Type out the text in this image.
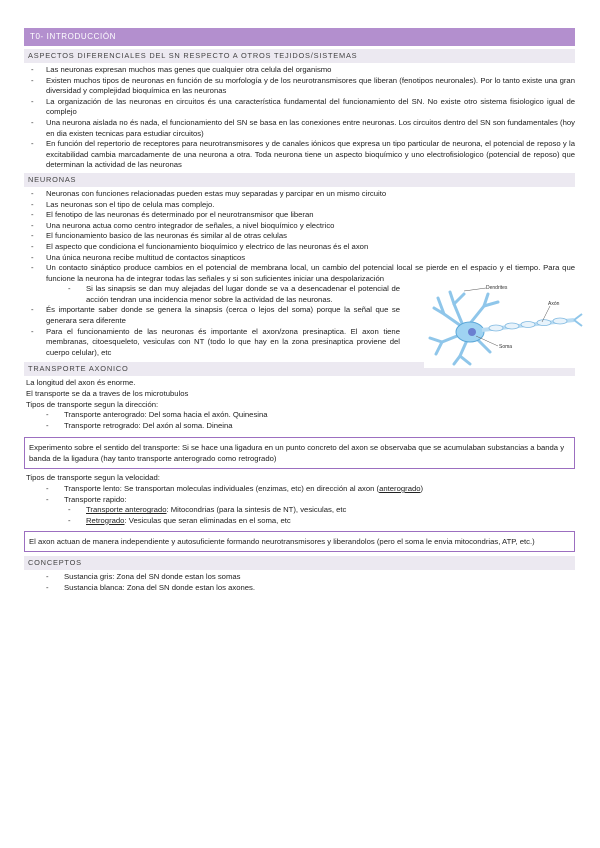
T0- INTRODUCCIÓN
ASPECTOS DIFERENCIALES DEL SN RESPECTO A OTROS TEJIDOS/SISTEMAS
- Las neuronas expresan muchos mas genes que cualquier otra celula del organismo
- Existen muchos tipos de neuronas en función de su morfología y de los neurotransmisores que liberan (fenotipos neuronales). Por lo tanto existe una gran diversidad y complejidad bioquímica en las neuronas
- La organización de las neuronas en circuitos és una característica fundamental del funcionamiento del SN. No existe otro sistema fisiologico igual de complejo
- Una neurona aislada no és nada, el funcionamiento del SN se basa en las conexiones entre neuronas. Los circuitos dentro del SN son fundamentales (hoy en dia existen tecnicas para estudiar circuitos)
- En función del repertorio de receptores para neurotransmisores y de canales iónicos que expresa un tipo particular de neurona, el potencial de reposo y la excitabilidad cambia marcadamente de una neurona a otra. Toda neurona tiene un aspecto bioquímico y uno electrofisiologico (potencial de reposo) que determinan la actividad de las neuronas
NEURONAS
- Neuronas con funciones relacionadas pueden estas muy separadas y parcipar en un mismo circuito
- Las neuronas son el tipo de celula mas complejo.
- El fenotipo de las neuronas és determinado por el neurotransmisor que liberan
- Una neurona actua como centro integrador de señales, a nivel bioquímico y electrico
- El funcionamiento basico de las neuronas és similar al de otras celulas
- El aspecto que condiciona el funcionamiento bioquímico y electrico de las neuronas és el axon
- Una única neurona recibe multitud de contactos sinapticos
- Un contacto sináptico produce cambios en el potencial de membrana local, un cambio del potencial local se pierde en el espacio y el tiempo. Para que funcione la neurona ha de integrar todas las señales y si son suficientes iniciar una despolarización
- Si las sinapsis se dan muy alejadas del lugar donde se va a desencadenar el potencial de acción tendran una incidencia menor sobre la actividad de las neuronas.
- És importante saber donde se genera la sinapsis (cerca o lejos del soma) porque la señal que se generara sera diferente
- Para el funcionamiento de las neuronas és importante el axon/zona presinaptica. El axon tiene membranas, citoesqueleto, vesiculas con NT (todo lo que hay en la zona presinaptica proviene del cuerpo celular), etc
Dendrites
Axón
Soma
TRANSPORTE AXONICO

La longitud del axon és enorme.

El transporte se da a traves de los microtubulos

Tipos de transporte segun la dirección:

- Transporte anterogrado: Del soma hacia el axón. Quinesina
- Transporte retrogrado: Del axón al soma. Dineina
Experimento sobre el sentido del transporte: Si se hace una ligadura en un punto concreto del axon se observaba que se acumulaban substancias a banda y banda de la ligadura (hay tanto transporte anterogrado como retrogrado)

Tipos de transporte segun la velocidad:

- Transporte lento: Se transportan moleculas individuales (enzimas, etc) en dirección al axon (anterogrado)
- Transporte rapido:
- Transporte anterogrado: Mitocondrias (para la sintesis de NT), vesiculas, etc
- Retrogrado: Vesiculas que seran eliminadas en el soma, etc
El axon actuan de manera independiente y autosuficiente formando neurotransmisores y liberandolos (pero el soma le envia mitocondrias, ATP, etc.)
CONCEPTOS
- Sustancia gris: Zona del SN donde estan los somas
- Sustancia blanca: Zona del SN donde estan los axones.
